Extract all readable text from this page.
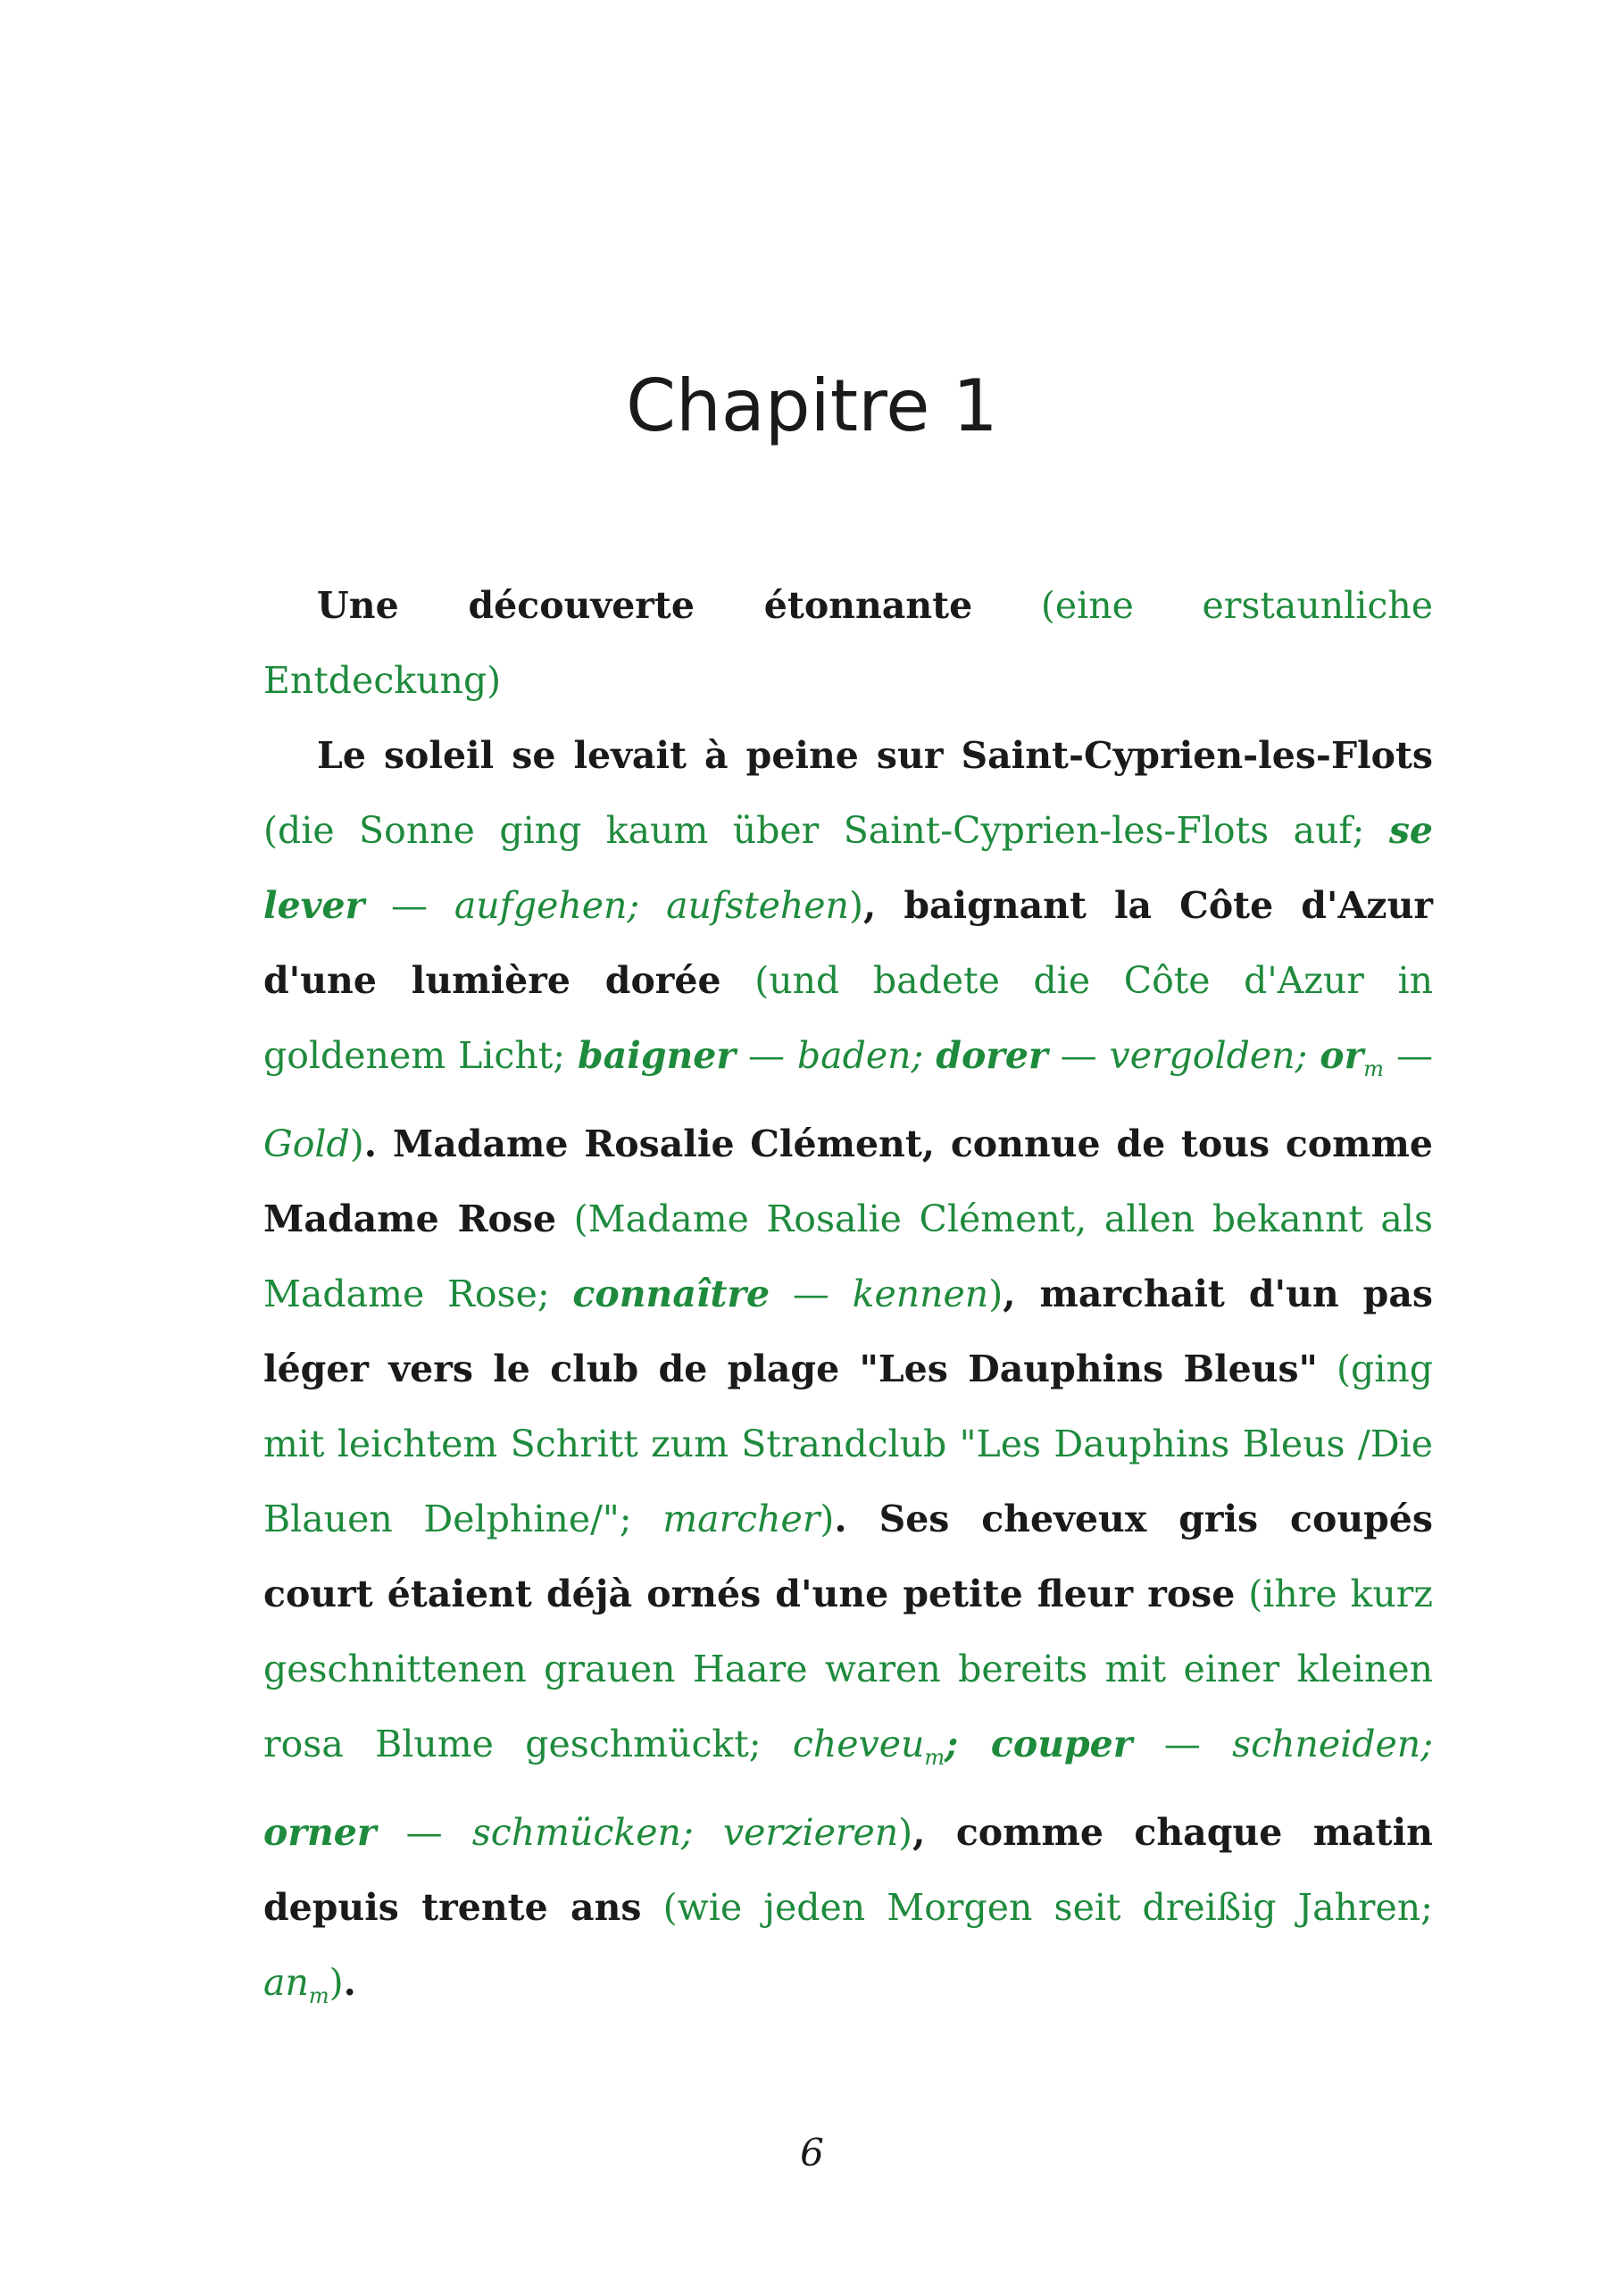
Chapitre 1

Une découverte étonnante (eine erstaunliche Entdeckung)

Le soleil se levait à peine sur Saint-Cyprien-les-Flots (die Sonne ging kaum über Saint-Cyprien-les-Flots auf; se lever — aufgehen; aufstehen), baignant la Côte d'Azur d'une lumière dorée (und badete die Côte d'Azur in goldenem Licht; baigner — baden; dorer — vergolden; $or_m$ — Gold). Madame Rosalie Clément, connue de tous comme Madame Rose (Madame Rosalie Clément, allen bekannt als Madame Rose; connaître — kennen), marchait d'un pas léger vers le club de plage "Les Dauphins Bleus" (ging mit leichtem Schritt zum Strandclub "Les Dauphins Bleus /Die Blauen Delphine/"; marcher). Ses cheveux gris coupés court étaient déjà ornés d'une petite fleur rose (ihre kurz geschnittenen grauen Haare waren bereits mit einer kleinen rosa Blume geschmückt; cheveu$_m$; couper — schneiden; orner — schmücken; verzieren), comme chaque matin depuis trente ans (wie jeden Morgen seit dreißig Jahren; $an_m$).

6
